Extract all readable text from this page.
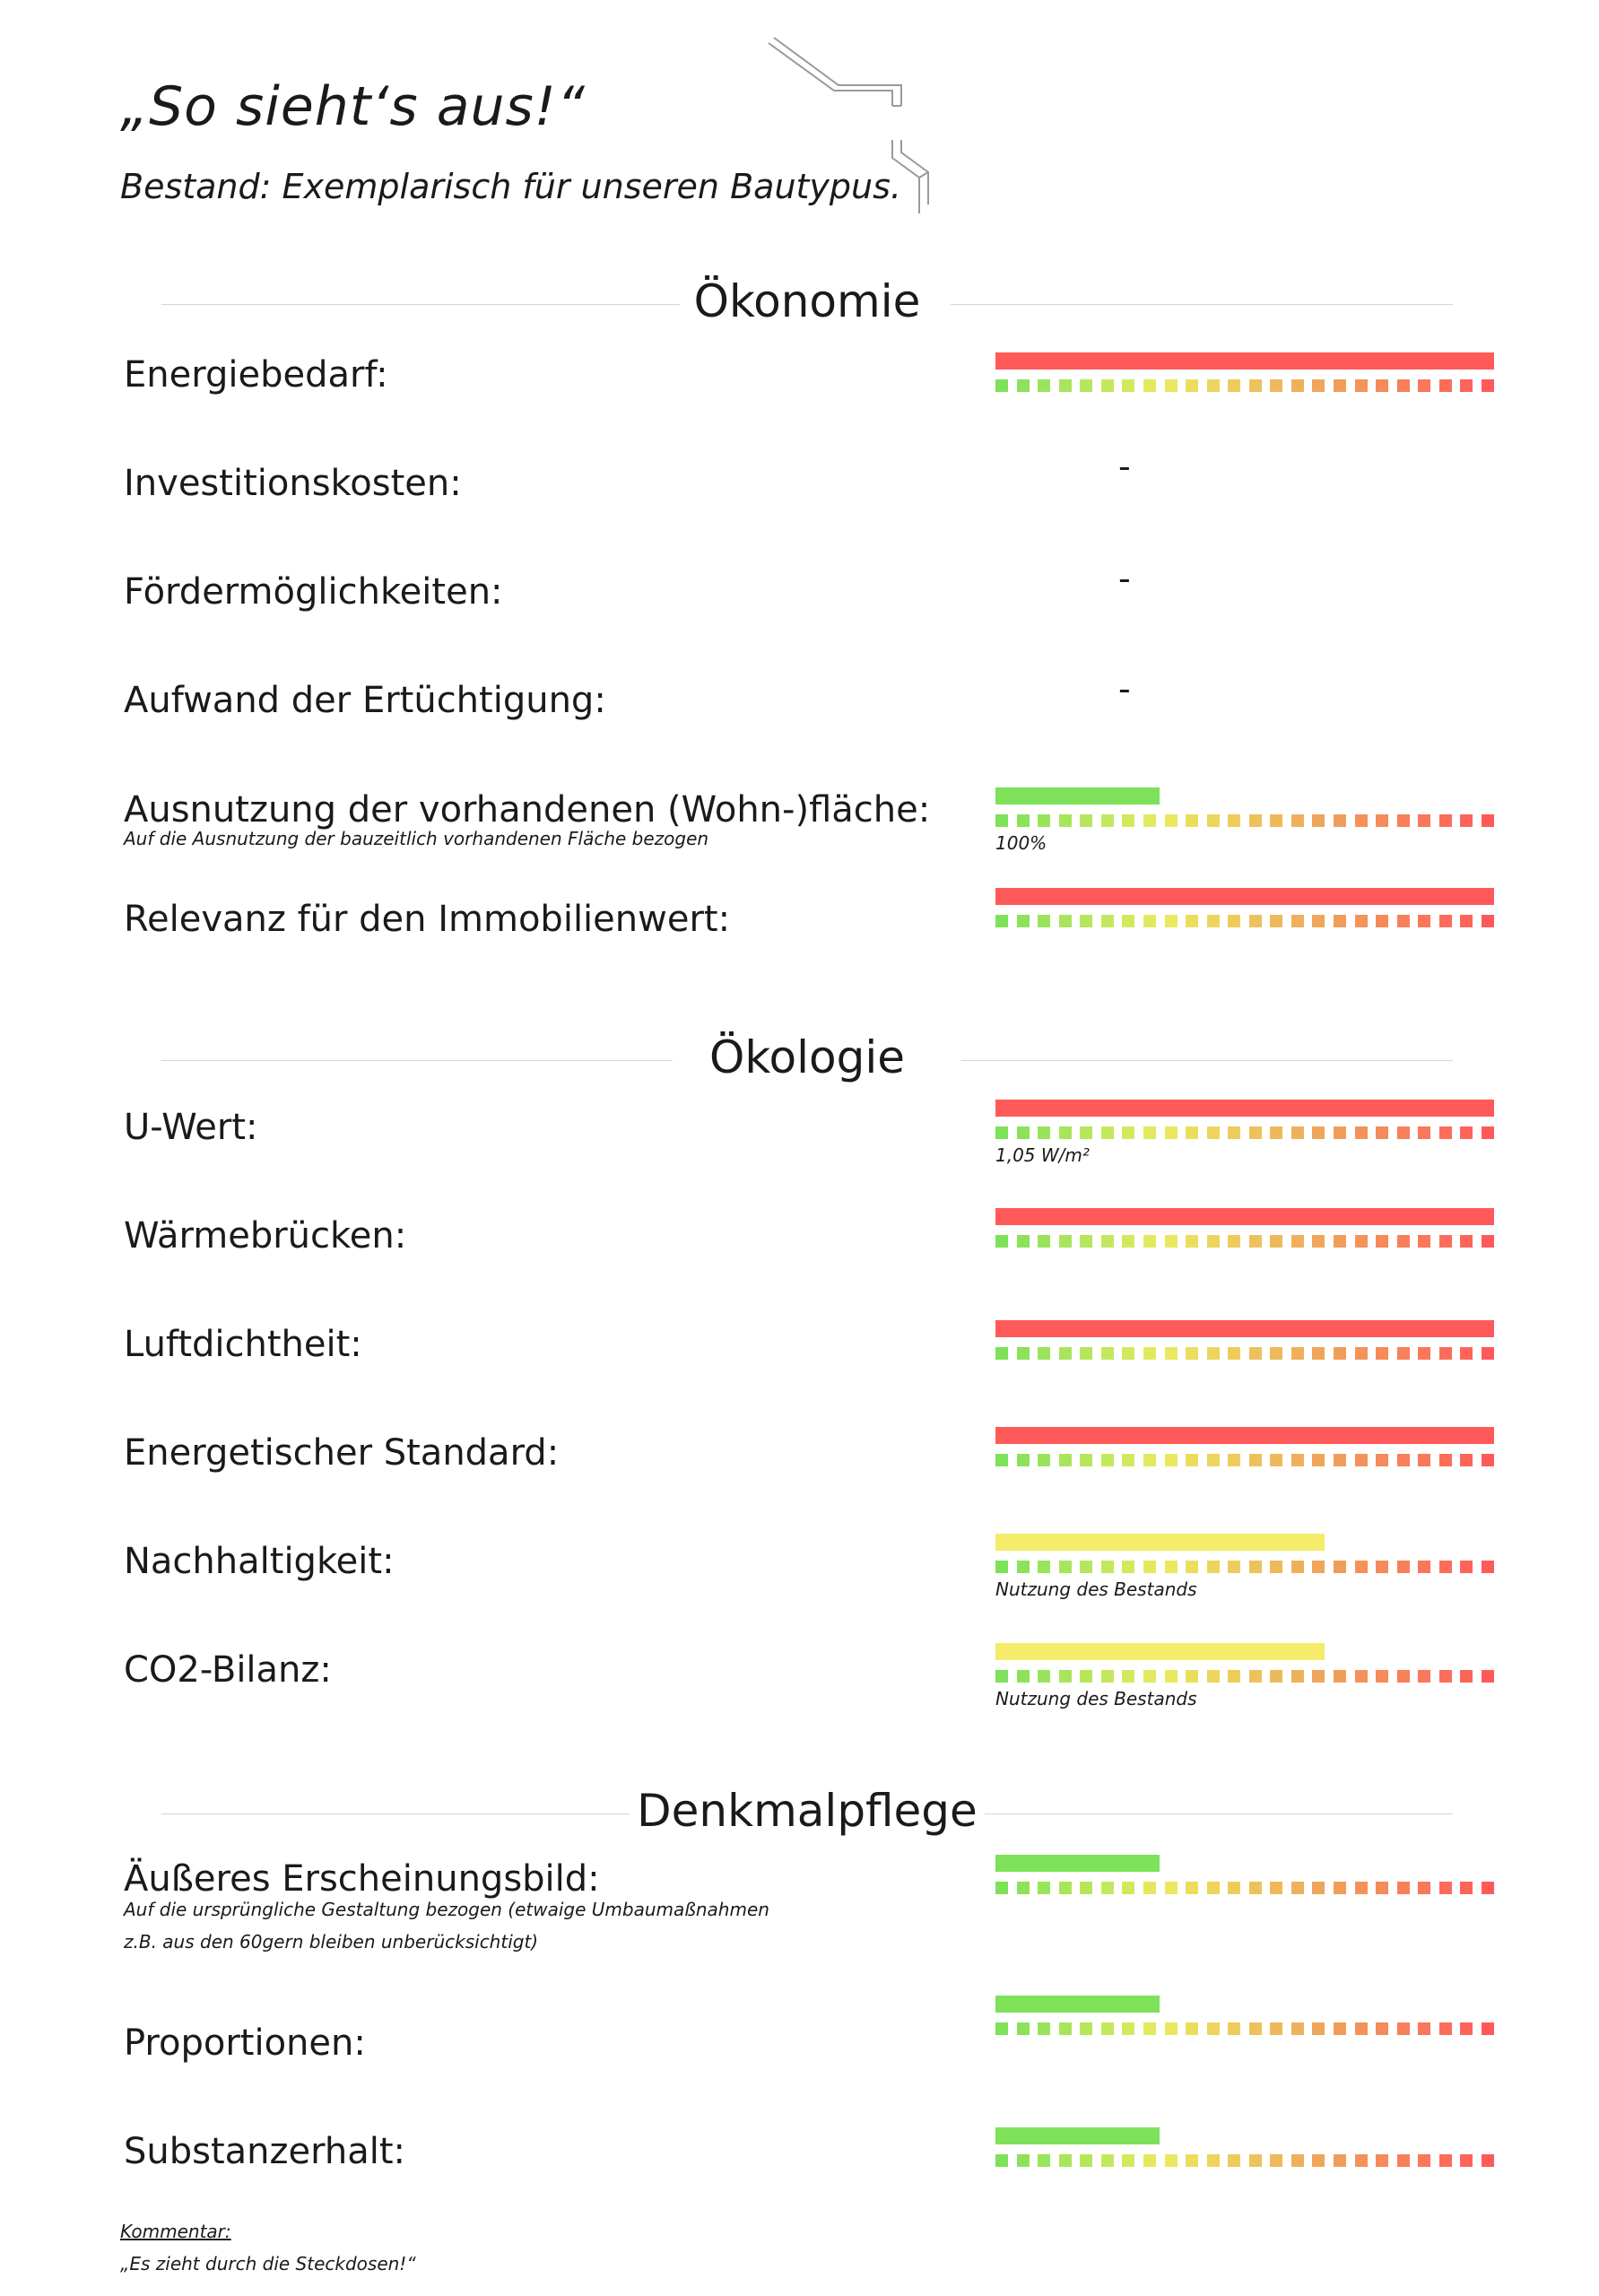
„So sieht‘s aus!“
Bestand: Exemplarisch für unseren Bautypus.
Ökonomie
Energiebedarf:
Investitionskosten:	-
Fördermöglichkeiten:	-
Aufwand der Ertüchtigung:	-
Ausnutzung der vorhandenen (Wohn-)fläche:
Auf die Ausnutzung der bauzeitlich vorhandenen Fläche bezogen	100%
Relevanz für den Immobilienwert:
Ökologie
U-Wert:
1,05 W/m²
Wärmebrücken:
Luftdichtheit:
Energetischer Standard:
Nachhaltigkeit:
Nutzung des Bestands
CO2-Bilanz:
Nutzung des Bestands
Denkmalpflege
Äußeres Erscheinungsbild:
Auf die ursprüngliche Gestaltung bezogen (etwaige Umbaumaßnahmen
z.B. aus den 60gern bleiben unberücksichtigt)
Proportionen:
Substanzerhalt:
Kommentar:
„Es zieht durch die Steckdosen!“
